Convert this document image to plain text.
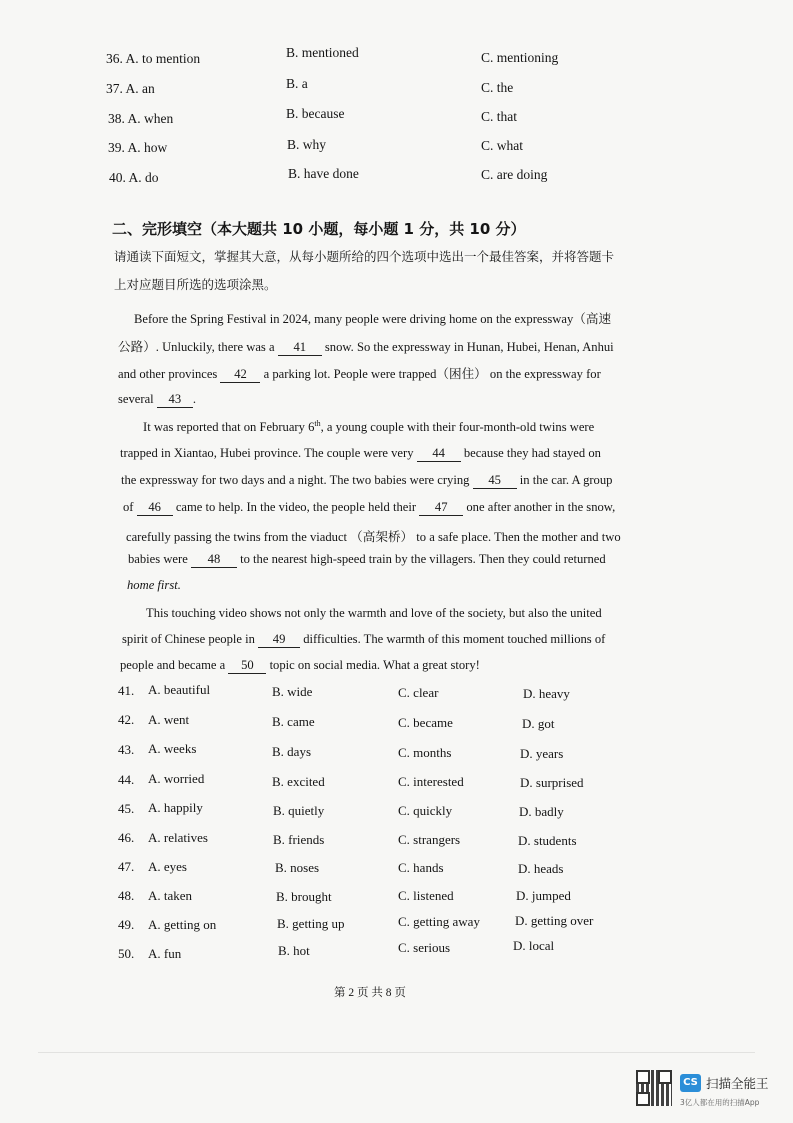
36. A. to mention	B. mentioned	C. mentioning
37. A. an	B. a	C. the
38. A. when	B. because	C. that
39. A. how	B. why	C. what
40. A. do	B. have done	C. are doing
二、完形填空（本大题共 10 小题，每小题 1 分，共 10 分）
请通读下面短文，掌握其大意，从每小题所给的四个选项中选出一个最佳答案，并将答题卡
上对应题目所选的选项涂黑。
Before the Spring Festival in 2024, many people were driving home on the expressway（高速
公路）. Unluckily, there was a 41 snow. So the expressway in Hunan, Hubei, Henan, Anhui
and other provinces 42 a parking lot. People were trapped（困住） on the expressway for
several 43 .
It was reported that on February 6th, a young couple with their four-month-old twins were
trapped in Xiantao, Hubei province. The couple were very 44 because they had stayed on
the expressway for two days and a night. The two babies were crying 45 in the car. A group
of 46 came to help. In the video, the people held their 47 one after another in the snow,
carefully passing the twins from the viaduct （高架桥） to a safe place. Then the mother and two
babies were 48 to the nearest high-speed train by the villagers. Then they could returned
home first.
This touching video shows not only the warmth and love of the society, but also the united
spirit of Chinese people in 49 difficulties. The warmth of this moment touched millions of
people and became a 50 topic on social media. What a great story!
41. A. beautiful	B. wide	C. clear	D. heavy
42. A. went	B. came	C. became	D. got
43. A. weeks	B. days	C. months	D. years
44. A. worried	B. excited	C. interested	D. surprised
45. A. happily	B. quietly	C. quickly	D. badly
46. A. relatives	B. friends	C. strangers	D. students
47. A. eyes	B. noses	C. hands	D. heads
48. A. taken	B. brought	C. listened	D. jumped
49. A. getting on	B. getting up	C. getting away	D. getting over
50. A. fun	B. hot	C. serious	D. local
第 2 页 共 8 页
CS 扫描全能王
3亿人都在用的扫描App
